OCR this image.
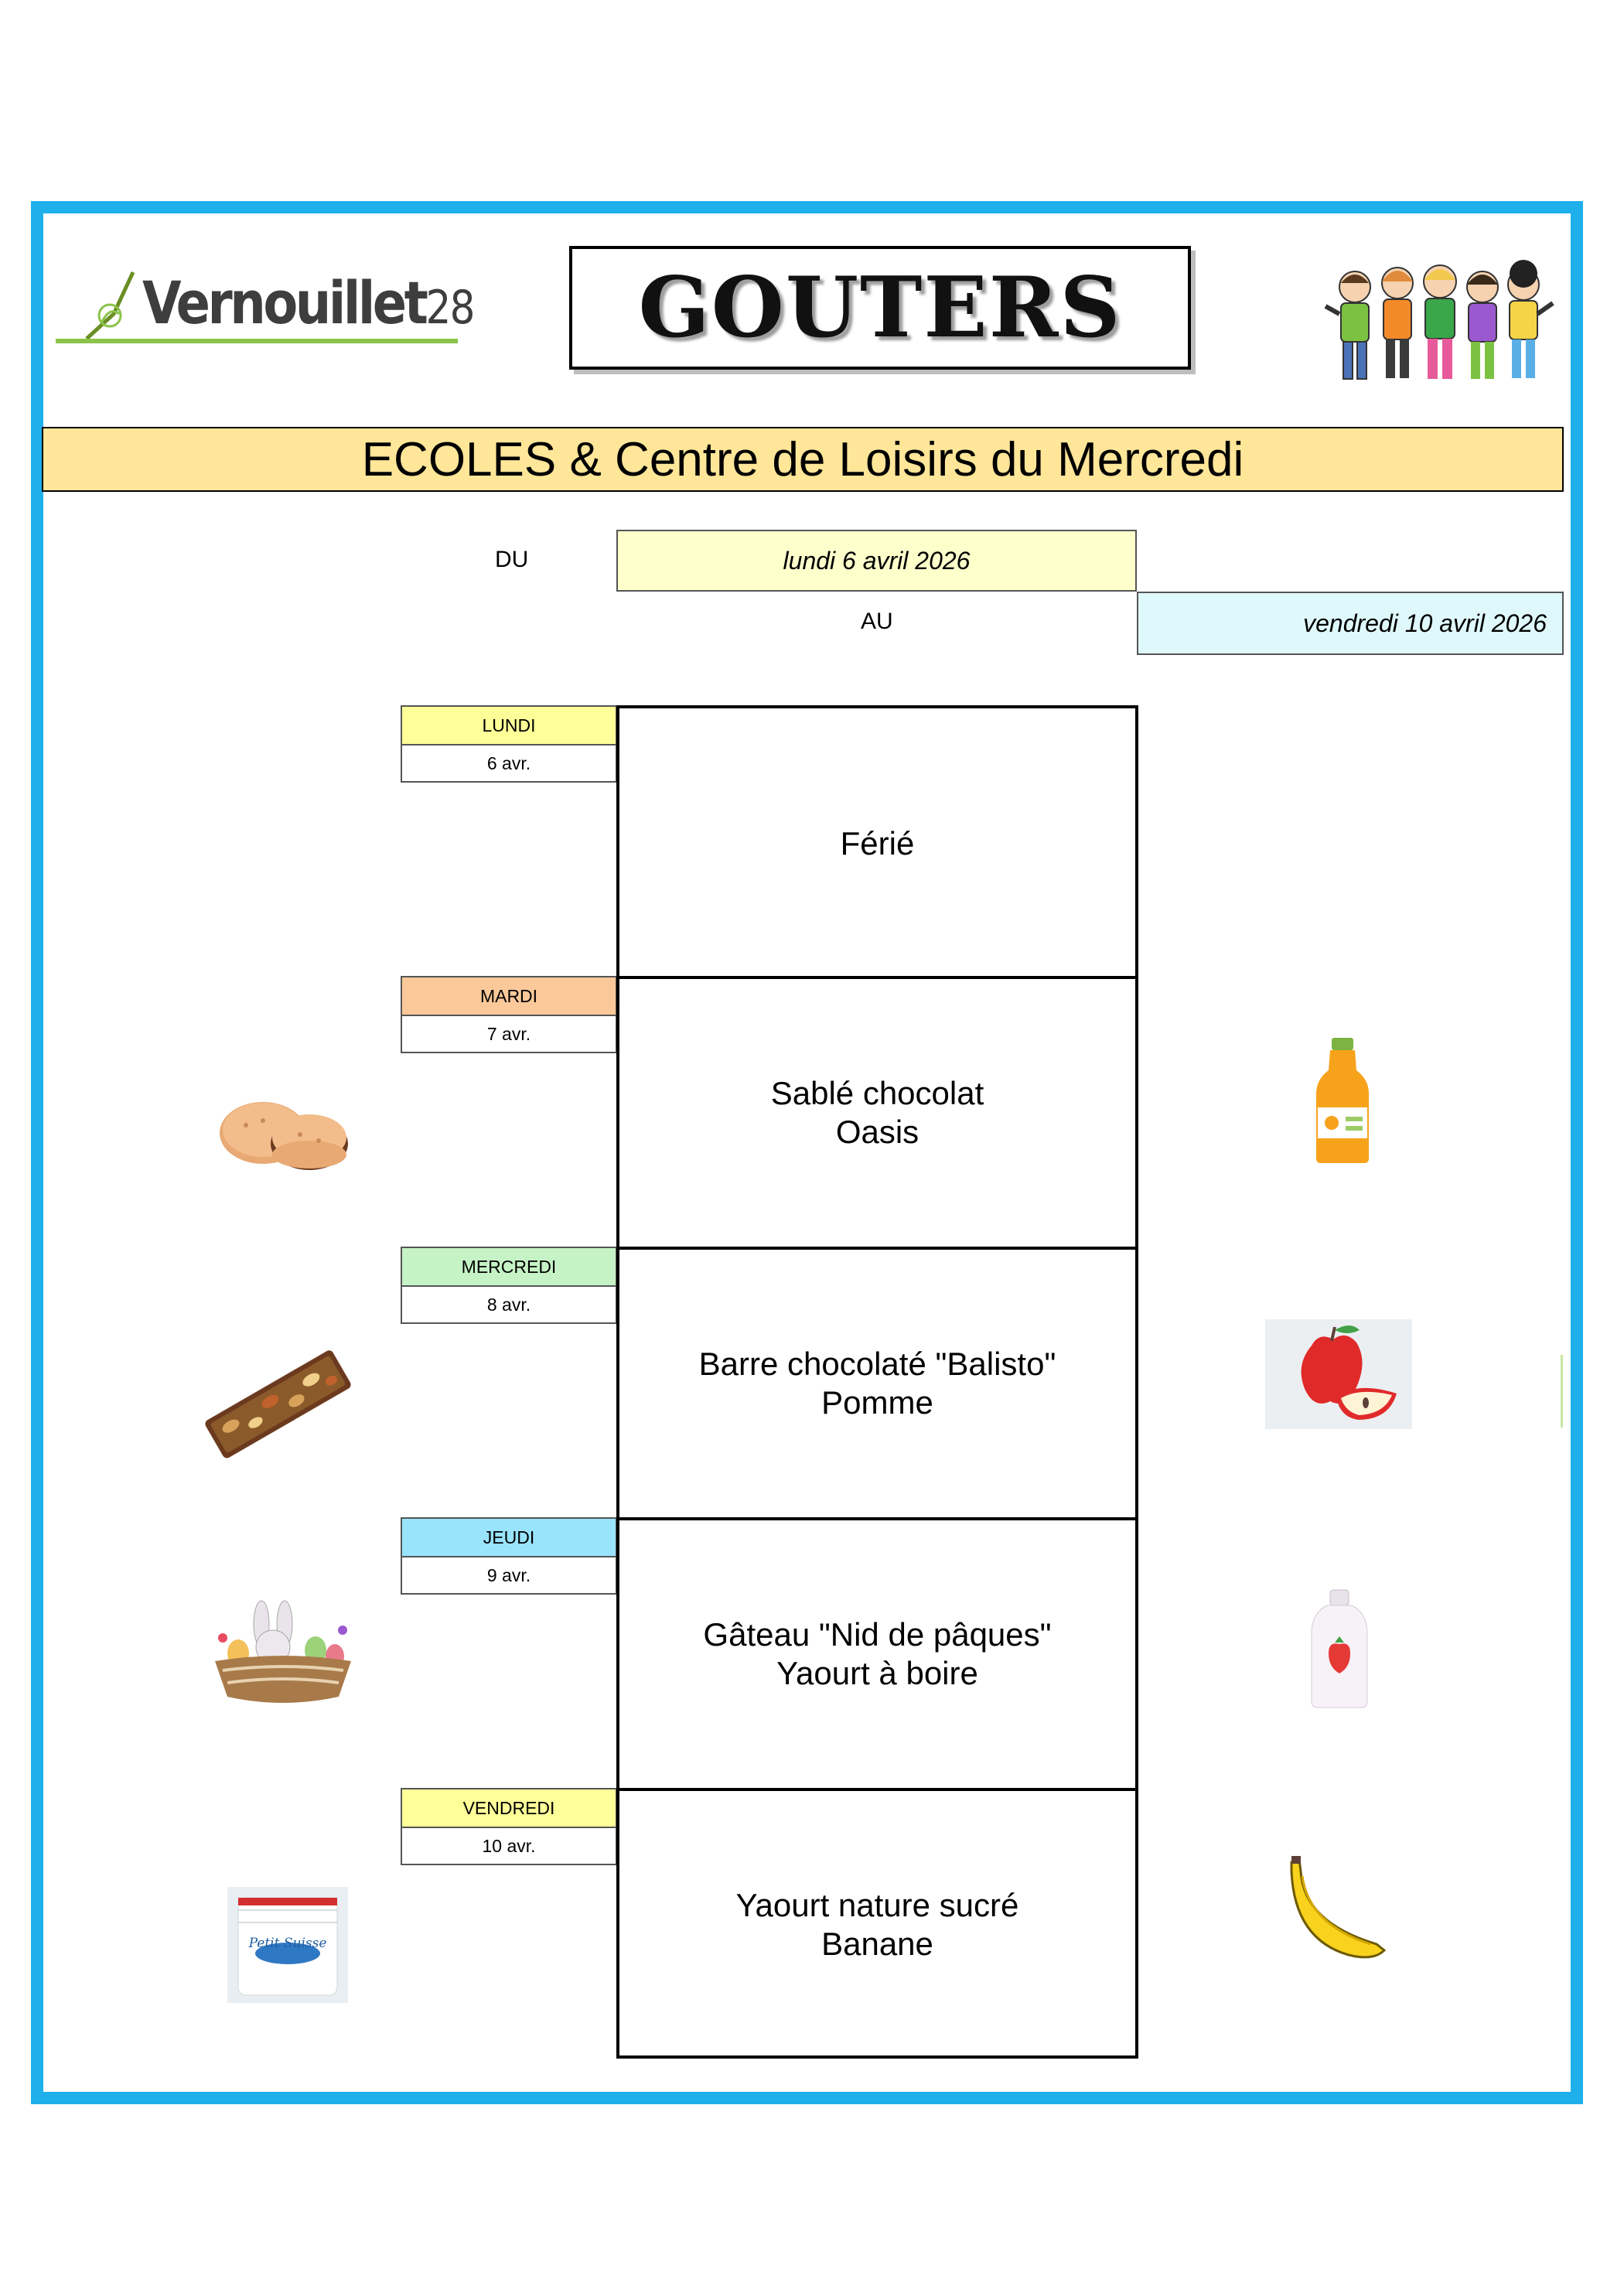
Vernouillet28 GOUTERS
ECOLES & Centre de Loisirs du Mercredi
DU	lundi 6 avril 2026
AU	vendredi 10 avril 2026
LUNDI
6 avr.
MARDI
7 avr.
MERCREDI
8 avr.
JEUDI
9 avr.
VENDREDI
10 avr.
Férié
Sablé chocolat
Oasis
Barre chocolaté "Balisto"
Pomme
Gâteau "Nid de pâques"
Yaourt à boire
Yaourt nature sucré
Banane
Petit Suisse
